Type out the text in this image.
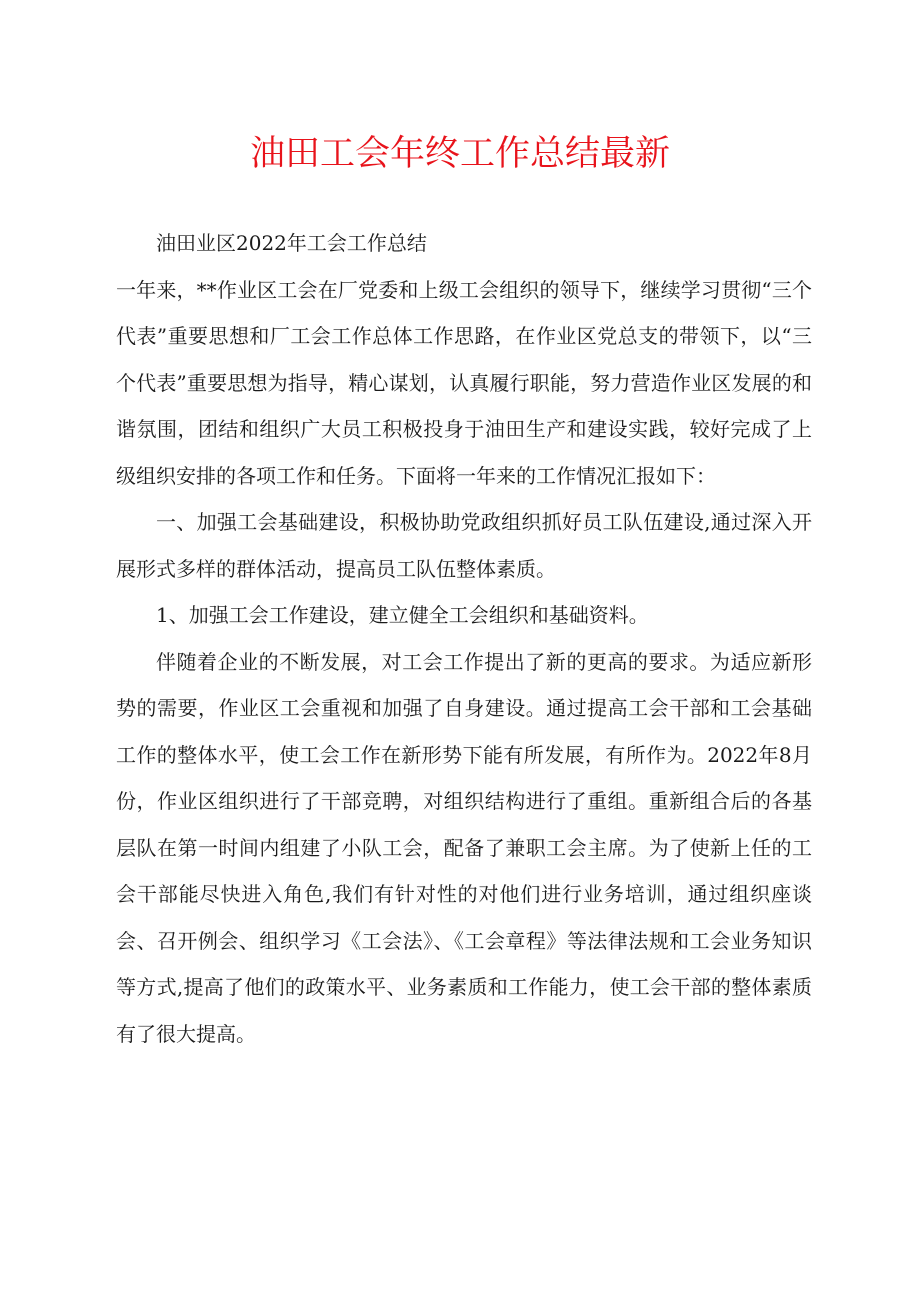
油田工会年终工作总结最新

油田业区2022年工会工作总结

一年来，**作业区工会在厂党委和上级工会组织的领导下，继续学习贯彻“三个代表”重要思想和厂工会工作总体工作思路，在作业区党总支的带领下，以“三个代表”重要思想为指导，精心谋划，认真履行职能，努力营造作业区发展的和谐氛围，团结和组织广大员工积极投身于油田生产和建设实践，较好完成了上级组织安排的各项工作和任务。下面将一年来的工作情况汇报如下：

一、加强工会基础建设，积极协助党政组织抓好员工队伍建设,通过深入开展形式多样的群体活动，提高员工队伍整体素质。

1、加强工会工作建设，建立健全工会组织和基础资料。

伴随着企业的不断发展，对工会工作提出了新的更高的要求。为适应新形势的需要，作业区工会重视和加强了自身建设。通过提高工会干部和工会基础工作的整体水平，使工会工作在新形势下能有所发展，有所作为。2022年8月份，作业区组织进行了干部竞聘，对组织结构进行了重组。重新组合后的各基层队在第一时间内组建了小队工会，配备了兼职工会主席。为了使新上任的工会干部能尽快进入角色,我们有针对性的对他们进行业务培训，通过组织座谈会、召开例会、组织学习《工会法》、《工会章程》等法律法规和工会业务知识等方式,提高了他们的政策水平、业务素质和工作能力，使工会干部的整体素质有了很大提高。
